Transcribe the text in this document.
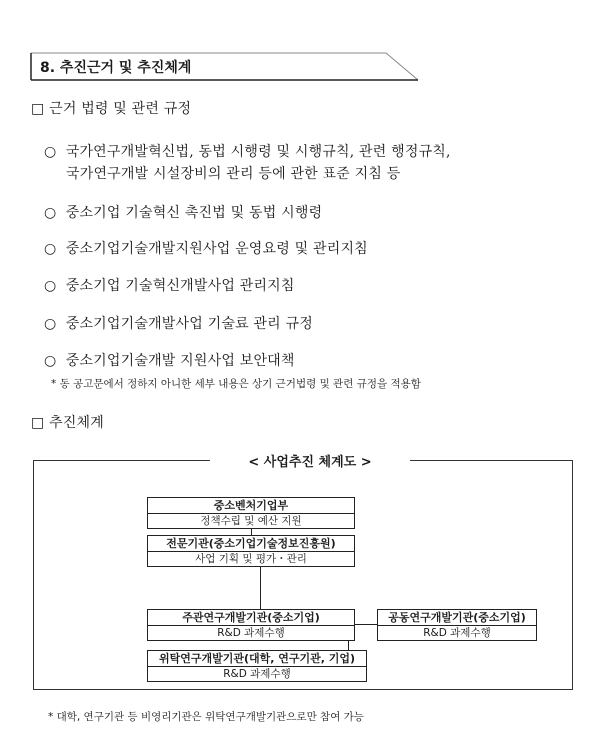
8. 추진근거 및 추진체계
□ 근거 법령 및 관련 규정
○ 국가연구개발혁신법, 동법 시행령 및 시행규칙, 관련 행정규칙,
국가연구개발 시설장비의 관리 등에 관한 표준 지침 등
○ 중소기업 기술혁신 촉진법 및 동법 시행령
○ 중소기업기술개발지원사업 운영요령 및 관리지침
○ 중소기업 기술혁신개발사업 관리지침
○ 중소기업기술개발사업 기술료 관리 규정
○ 중소기업기술개발 지원사업 보안대책
* 동 공고문에서 정하지 아니한 세부 내용은 상기 근거법령 및 관련 규정을 적용함
□ 추진체계
< 사업추진 체계도 >
중소벤처기업부
정책수립 및 예산 지원
전문기관(중소기업기술정보진흥원)
사업 기획 및 평가・관리
주관연구개발기관(중소기업)
R&D 과제수행
공동연구개발기관(중소기업)
R&D 과제수행
위탁연구개발기관(대학, 연구기관, 기업)
R&D 과제수행
* 대학, 연구기관 등 비영리기관은 위탁연구개발기관으로만 참여 가능
